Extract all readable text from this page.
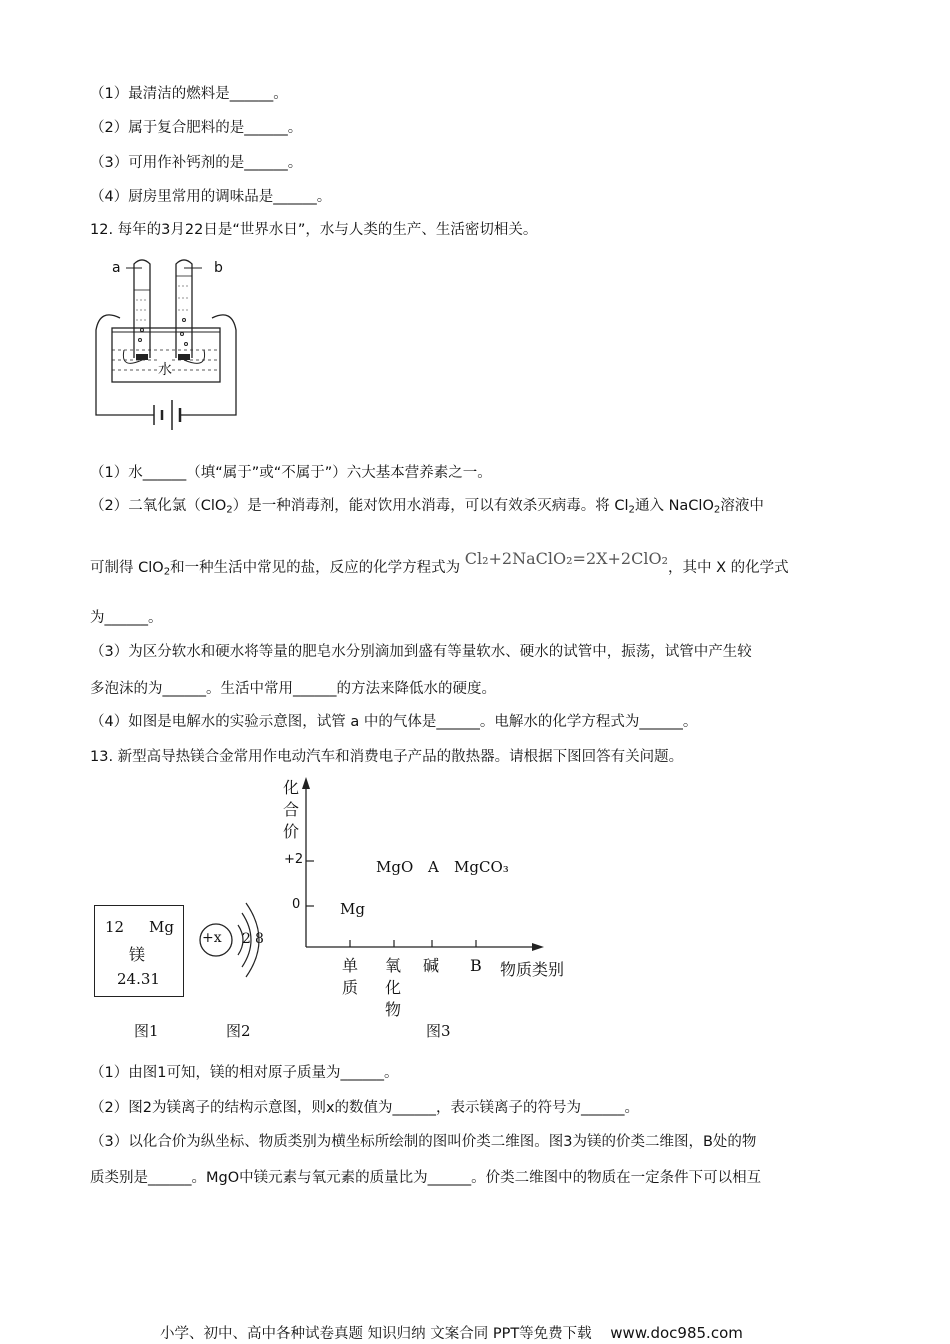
（1）最清洁的燃料是______。
（2）属于复合肥料的是______。
（3）可用作补钙剂的是______。
（4）厨房里常用的调味品是______。
12. 每年的3月22日是“世界水日”，水与人类的生产、生活密切相关。
a	b
水
（1）水______（填“属于”或“不属于”）六大基本营养素之一。
（2）二氧化氯（ClO$_2$）是一种消毒剂，能对饮用水消毒，可以有效杀灭病毒。将 $Cl_2$通入 NaClO$_2$溶液中
可制得 ClO$_2$和一种生活中常见的盐，反应的化学方程式为 Cl₂+2NaClO₂=2X+2ClO₂，其中 X 的化学式
为______。
（3）为区分软水和硬水将等量的肥皂水分别滴加到盛有等量软水、硬水的试管中，振荡，试管中产生较
多泡沫的为______。生活中常用______的方法来降低水的硬度。
（4）如图是电解水的实验示意图，试管 a 中的气体是______。电解水的化学方程式为______。
13. 新型高导热镁合金常用作电动汽车和消费电子产品的散热器。请根据下图回答有关问题。
12 Mg
镁
24.31
图1
+x 2 8
图2
化
合
价
+2
0
MgO A MgCO₃
Mg
单
质
氧
化
物
碱 B 物质类别
图3
（1）由图1可知，镁的相对原子质量为______。
（2）图2为镁离子的结构示意图，则x的数值为______，表示镁离子的符号为______。
（3）以化合价为纵坐标、物质类别为横坐标所绘制的图叫价类二维图。图3为镁的价类二维图，B处的物
质类别是______。MgO中镁元素与氧元素的质量比为______。价类二维图中的物质在一定条件下可以相互
小学、初中、高中各种试卷真题 知识归纳 文案合同 PPT等免费下载 www.doc985.com
